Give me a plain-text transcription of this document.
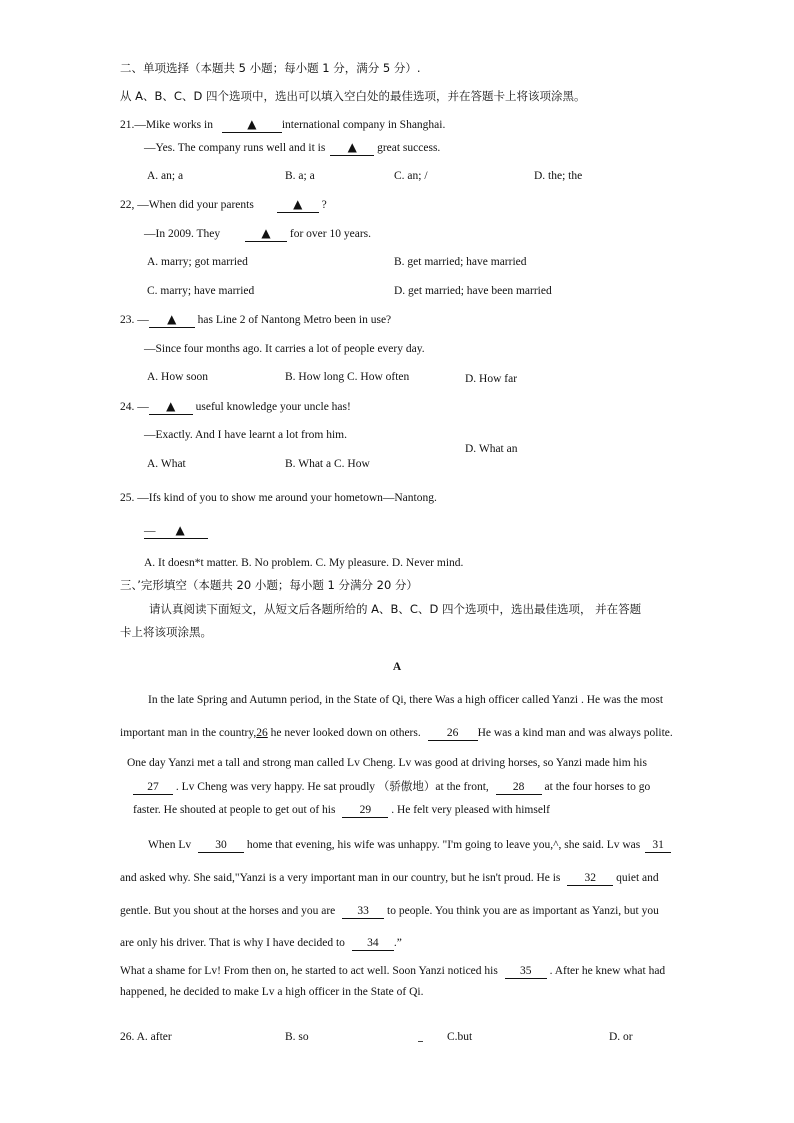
二、单项选择（本题共 5 小题；每小题 1 分，满分 5 分）.
从 A、B、C、D 四个选项中，选出可以填入空白处的最佳选项，并在答题卡上将该项涂黑。
21.—Mike works in	▲ international company in Shanghai.
—Yes. The company runs well and it is ▲ great success.
A. an; a	B. a; a	C. an; /	D. the; the
22, —When did your parents	▲ ?
—In 2009. They	▲ for over 10 years.
A. marry; got married	B. get married; have married
C. marry; have married	D. get married; have been married
23. — ▲ has Line 2 of Nantong Metro been in use?
—Since four months ago. It carries a lot of people every day.
A. How soon	B. How long C. How often	D. How far
24. — ▲ useful knowledge your uncle has!
—Exactly. And I have learnt a lot from him.
D. What an
A. What	B. What a C. How
25. —Ifs kind of you to show me around your hometown—Nantong.
— ▲
A. It doesn*t matter. B. No problem. C. My pleasure. D. Never mind.
三、’完形填空（本题共 20 小题；每小题 1 分满分 20 分）
请认真阅读下面短文，从短文后各题所给的 A、B、C、D 四个选项中，选出最佳选项， 并在答题
卡上将该项涂黑。
A
In the late Spring and Autumn period, in the State of Qi, there Was a high officer called Yanzi . He was the most
important man in the country,26 he never looked down on others. 26 He was a kind man and was always polite.
One day Yanzi met a tall and strong man called Lv Cheng. Lv was good at driving horses, so Yanzi made him his
27 . Lv Cheng was very happy. He sat proudly （骄傲地）at the front, 28 at the four horses to go
faster. He shouted at people to get out of his 29 . He felt very pleased with himself
When Lv 30 home that evening, his wife was unhappy. "I'm going to leave you,^, she said. Lv was 31
and asked why. She said,"Yanzi is a very important man in our country, but he isn't proud. He is 32 quiet and
gentle. But you shout at the horses and you are 33 to people. You think you are as important as Yanzi, but you
are only his driver. That is why I have decided to 34 .”
What a shame for Lv! From then on, he started to act well. Soon Yanzi noticed his 35 . After he knew what had
happened, he decided to make Lv a high officer in the State of Qi.
26. A. after	B. so	C.but	D. or
